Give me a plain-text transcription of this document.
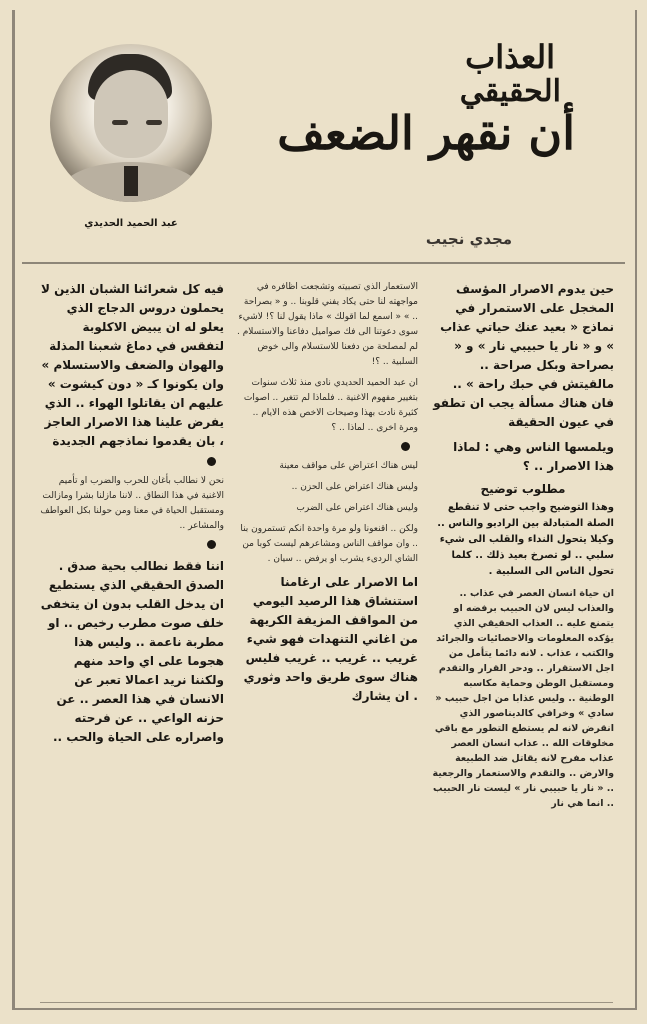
عبد الحميد الحديدي
العذاب
الحقيقي
أن نقهر الضعف
مجدي نجيب

حين يدوم الاصرار المؤسف المخجل على الاستمرار في نماذج « بعيد عنك حياتي عذاب » و « نار يا حبيبي نار » و « بصراحة وبكل صراحة .. مالقيتش في حبك راحة » .. فان هناك مسألة يجب ان تطفو في عيون الحقيقة

ويلمسها الناس وهي : لماذا هذا الاصرار .. ؟

مطلوب توضيح

وهذا التوضيح واجب حتى لا تنقطع الصلة المتبادلة بين الراديو والناس .. وكيلا يتحول النداء والقلب الى شيء سلبي .. لو تصرخ بعيد ذلك .. كلما تحول الناس الى السلبية .

ان حياة انسان العصر في عذاب .. والعذاب ليس لان الحبيب برفضه او يتمنع عليه .. العذاب الحقيقي الذي يؤكده المعلومات والاحصائيات والجرائد والكتب ، عذاب . لانه دائما يتأمل من اجل الاستقرار .. ودحر القرار والتقدم ومستقبل الوطن وحماية مكاسبه الوطنية .. وليس عذابا من اجل حبيب « سادي » وخرافي كالديناصور الذي انقرض لانه لم يستطع التطور مع باقي مخلوقات الله .. عذاب انسان العصر عذاب مفرح لانه يقاتل ضد الطبيعة والارض .. والتقدم والاستعمار والرجعية .. « نار يا حبيبي نار » ليست نار الحبيب .. انما هي نار

الاستعمار الذي تصبيته وتشجعت اظافره في مواجهته لنا حتى يكاد يفني قلوبنا .. و « بصراحة .. » « اسمع لما اقولك » ماذا يقول لنا ؟! لاشيء سوى دعوتنا الى فك صواميل دفاعنا والاستسلام . لم لمصلحة من دفعنا للاستسلام والى خوض السلبية .. ؟!

ان عبد الحميد الحديدي نادى منذ ثلاث سنوات بتغيير مفهوم الاغنية .. فلماذا لم تتغير .. اصوات كثيرة نادت بهذا وصيحات الاخص هذه الايام .. ومرة اخرى .. لماذا .. ؟

ليس هناك اعتراض على مواقف معينة

وليس هناك اعتراض على الحزن ..

وليس هناك اعتراض على الضرب

ولكن .. اقنعونا ولو مرة واحدة انكم تستمرون بنا .. وان مواقف الناس ومشاعرهم ليست كوبا من الشاي الردىء يشرب او يرفض .. سيان .

اما الاصرار على ارغامنا استنشاق هذا الرصيد اليومي من المواقف المزيفة الكريهة من اغاني التنهدات فهو شيء غريب .. غريب .. غريب فليس هناك سوى طريق واحد وثوري . ان يشارك

فيه كل شعرائنا الشبان الذين لا يحملون دروس الدجاج الذي يعلو له ان يبيض الاكلوبة لتفقس في دماغ شعبنا المذلة والهوان والضعف والاستسلام » وان يكونوا كـ « دون كيشوت » عليهم ان يقاتلوا الهواء .. الذي يفرض علينا هذا الاصرار العاجز ، بان يقدموا نماذجهم الجديدة

نحن لا نطالب بأغان للحرب والضرب او تأميم الاغنية في هذا النطاق .. لاننا مازلنا بشرا ومازالت ومستقبل الحياة في معنا ومن حولنا بكل العواطف والمشاعر ..

اننا فقط نطالب بحية صدق . الصدق الحقيقي الذي يستطيع ان يدخل القلب بدون ان يتخفى خلف صوت مطرب رخيص .. او مطربة ناعمة .. وليس هذا هجوما على اي واحد منهم ولكننا نريد اعمالا تعبر عن الانسان في هذا العصر .. عن حزنه الواعي .. عن فرحته واصراره على الحياة والحب ..
